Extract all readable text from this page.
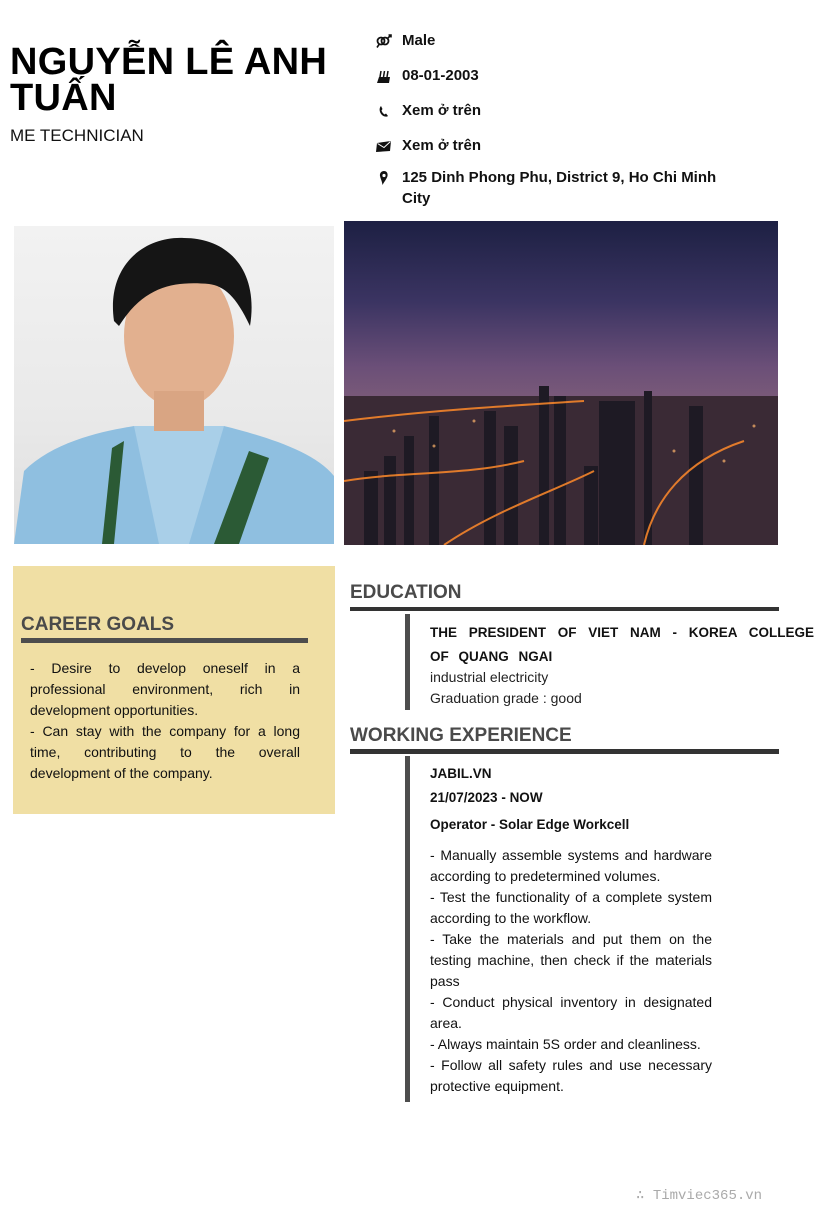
NGUYỄN LÊ ANH TUẤN
ME TECHNICIAN
Male
08-01-2003
Xem ở trên
Xem ở trên
125 Dinh Phong Phu, District 9, Ho Chi Minh City
CAREER GOALS
- Desire to develop oneself in a professional environment, rich in development opportunities.
- Can stay with the company for a long time, contributing to the overall development of the company.
EDUCATION
THE PRESIDENT OF VIET NAM - KOREA COLLEGE OF QUANG NGAI
industrial electricity
Graduation grade : good
WORKING EXPERIENCE
JABIL.VN
21/07/2023 - NOW
Operator - Solar Edge Workcell
- Manually assemble systems and hardware according to predetermined volumes.
- Test the functionality of a complete system according to the workflow.
- Take the materials and put them on the testing machine, then check if the materials pass
- Conduct physical inventory in designated area.
- Always maintain 5S order and cleanliness.
- Follow all safety rules and use necessary protective equipment.
∴ Timviec365.vn
